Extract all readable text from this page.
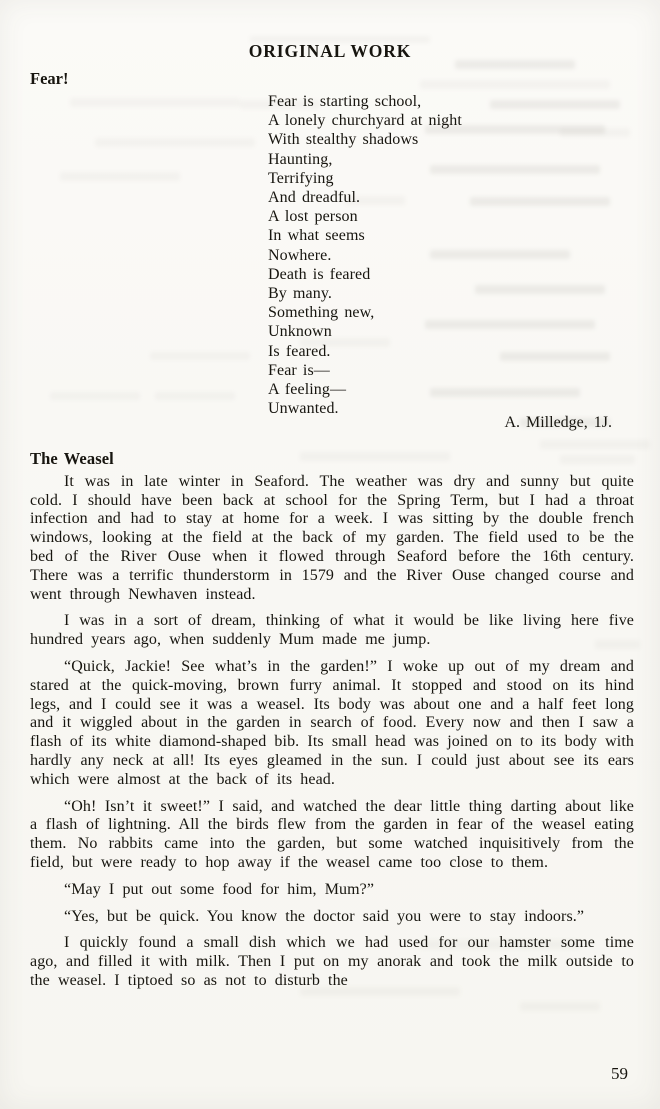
ORIGINAL WORK
Fear!
Fear is starting school,
A lonely churchyard at night
With stealthy shadows
Haunting,
Terrifying
And dreadful.
A lost person
In what seems
Nowhere.
Death is feared
By many.
Something new,
Unknown
Is feared.
Fear is—
A feeling—
Unwanted.
A. Milledge, 1J.
The Weasel
It was in late winter in Seaford. The weather was dry and sunny but quite cold. I should have been back at school for the Spring Term, but I had a throat infection and had to stay at home for a week. I was sitting by the double french windows, looking at the field at the back of my garden. The field used to be the bed of the River Ouse when it flowed through Seaford before the 16th century. There was a terrific thunderstorm in 1579 and the River Ouse changed course and went through Newhaven instead.
I was in a sort of dream, thinking of what it would be like living here five hundred years ago, when suddenly Mum made me jump.
“Quick, Jackie! See what’s in the garden!” I woke up out of my dream and stared at the quick-moving, brown furry animal. It stopped and stood on its hind legs, and I could see it was a weasel. Its body was about one and a half feet long and it wiggled about in the garden in search of food. Every now and then I saw a flash of its white diamond-shaped bib. Its small head was joined on to its body with hardly any neck at all! Its eyes gleamed in the sun. I could just about see its ears which were almost at the back of its head.
“Oh! Isn’t it sweet!” I said, and watched the dear little thing darting about like a flash of lightning. All the birds flew from the garden in fear of the weasel eating them. No rabbits came into the garden, but some watched inquisitively from the field, but were ready to hop away if the weasel came too close to them.
“May I put out some food for him, Mum?”
“Yes, but be quick. You know the doctor said you were to stay indoors.”
I quickly found a small dish which we had used for our hamster some time ago, and filled it with milk. Then I put on my anorak and took the milk outside to the weasel. I tiptoed so as not to disturb the
59
